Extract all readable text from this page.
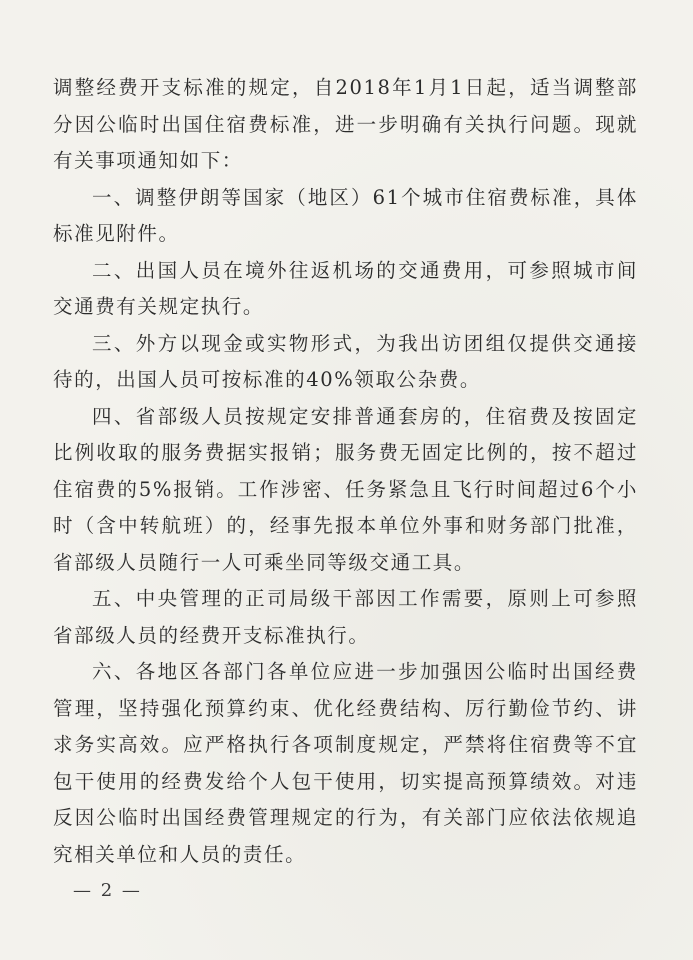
调整经费开支标准的规定，自2018年1月1日起，适当调整部分因公临时出国住宿费标准，进一步明确有关执行问题。现就有关事项通知如下：

一、调整伊朗等国家（地区）61个城市住宿费标准，具体标准见附件。

二、出国人员在境外往返机场的交通费用，可参照城市间交通费有关规定执行。

三、外方以现金或实物形式，为我出访团组仅提供交通接待的，出国人员可按标准的40%领取公杂费。

四、省部级人员按规定安排普通套房的，住宿费及按固定比例收取的服务费据实报销；服务费无固定比例的，按不超过住宿费的5%报销。工作涉密、任务紧急且飞行时间超过6个小时（含中转航班）的，经事先报本单位外事和财务部门批准，省部级人员随行一人可乘坐同等级交通工具。

五、中央管理的正司局级干部因工作需要，原则上可参照省部级人员的经费开支标准执行。

六、各地区各部门各单位应进一步加强因公临时出国经费管理，坚持强化预算约束、优化经费结构、厉行勤俭节约、讲求务实高效。应严格执行各项制度规定，严禁将住宿费等不宜包干使用的经费发给个人包干使用，切实提高预算绩效。对违反因公临时出国经费管理规定的行为，有关部门应依法依规追究相关单位和人员的责任。

— 2 —
